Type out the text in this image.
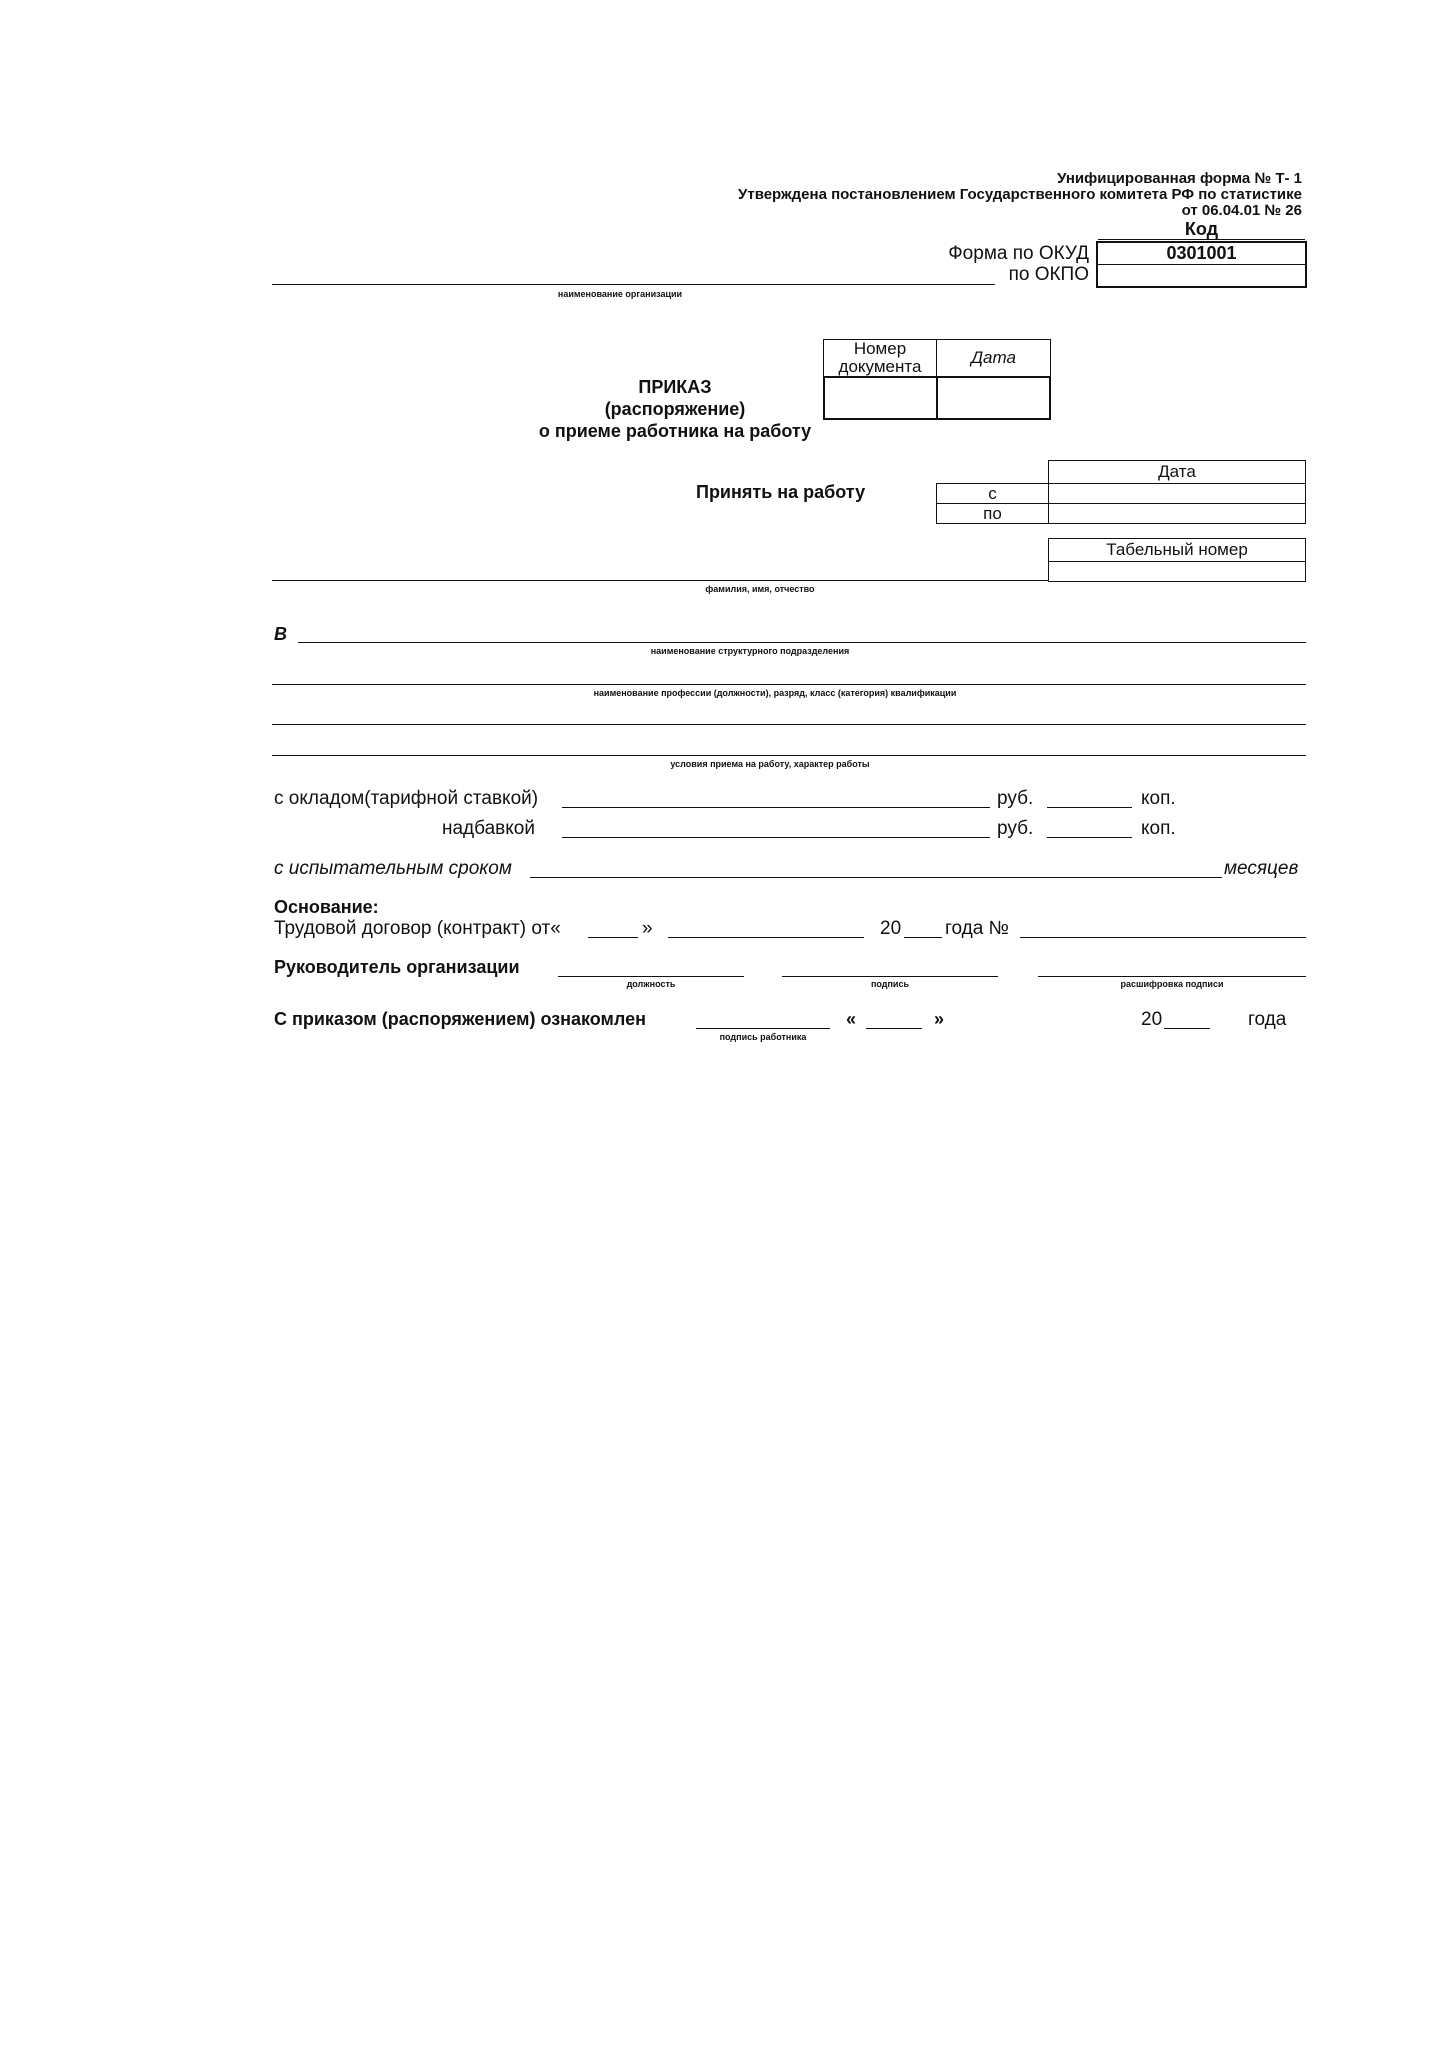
Унифицированная форма № Т- 1
Утверждена постановлением Государственного комитета РФ по статистике
от 06.04.01 № 26
Код
0301001
Форма по ОКУД
по ОКПО
наименование организации
Номер документа	Дата
ПРИКАЗ
(распоряжение)
о приеме работника на работу
Дата
Принять на работу	с
по
Табельный номер
фамилия, имя, отчество
В
наименование структурного подразделения
наименование профессии (должности), разряд, класс (категория) квалификации
условия приема на работу, характер работы
с окладом(тарифной ставкой)	руб.	коп.
надбавкой	руб.	коп.
с испытательным сроком	месяцев
Основание:
Трудовой договор (контракт) от«	»	20 года №
Руководитель организации
должность	подпись	расшифровка подписи
С приказом (распоряжением) ознакомлен
подпись работника
«	»	20	года
